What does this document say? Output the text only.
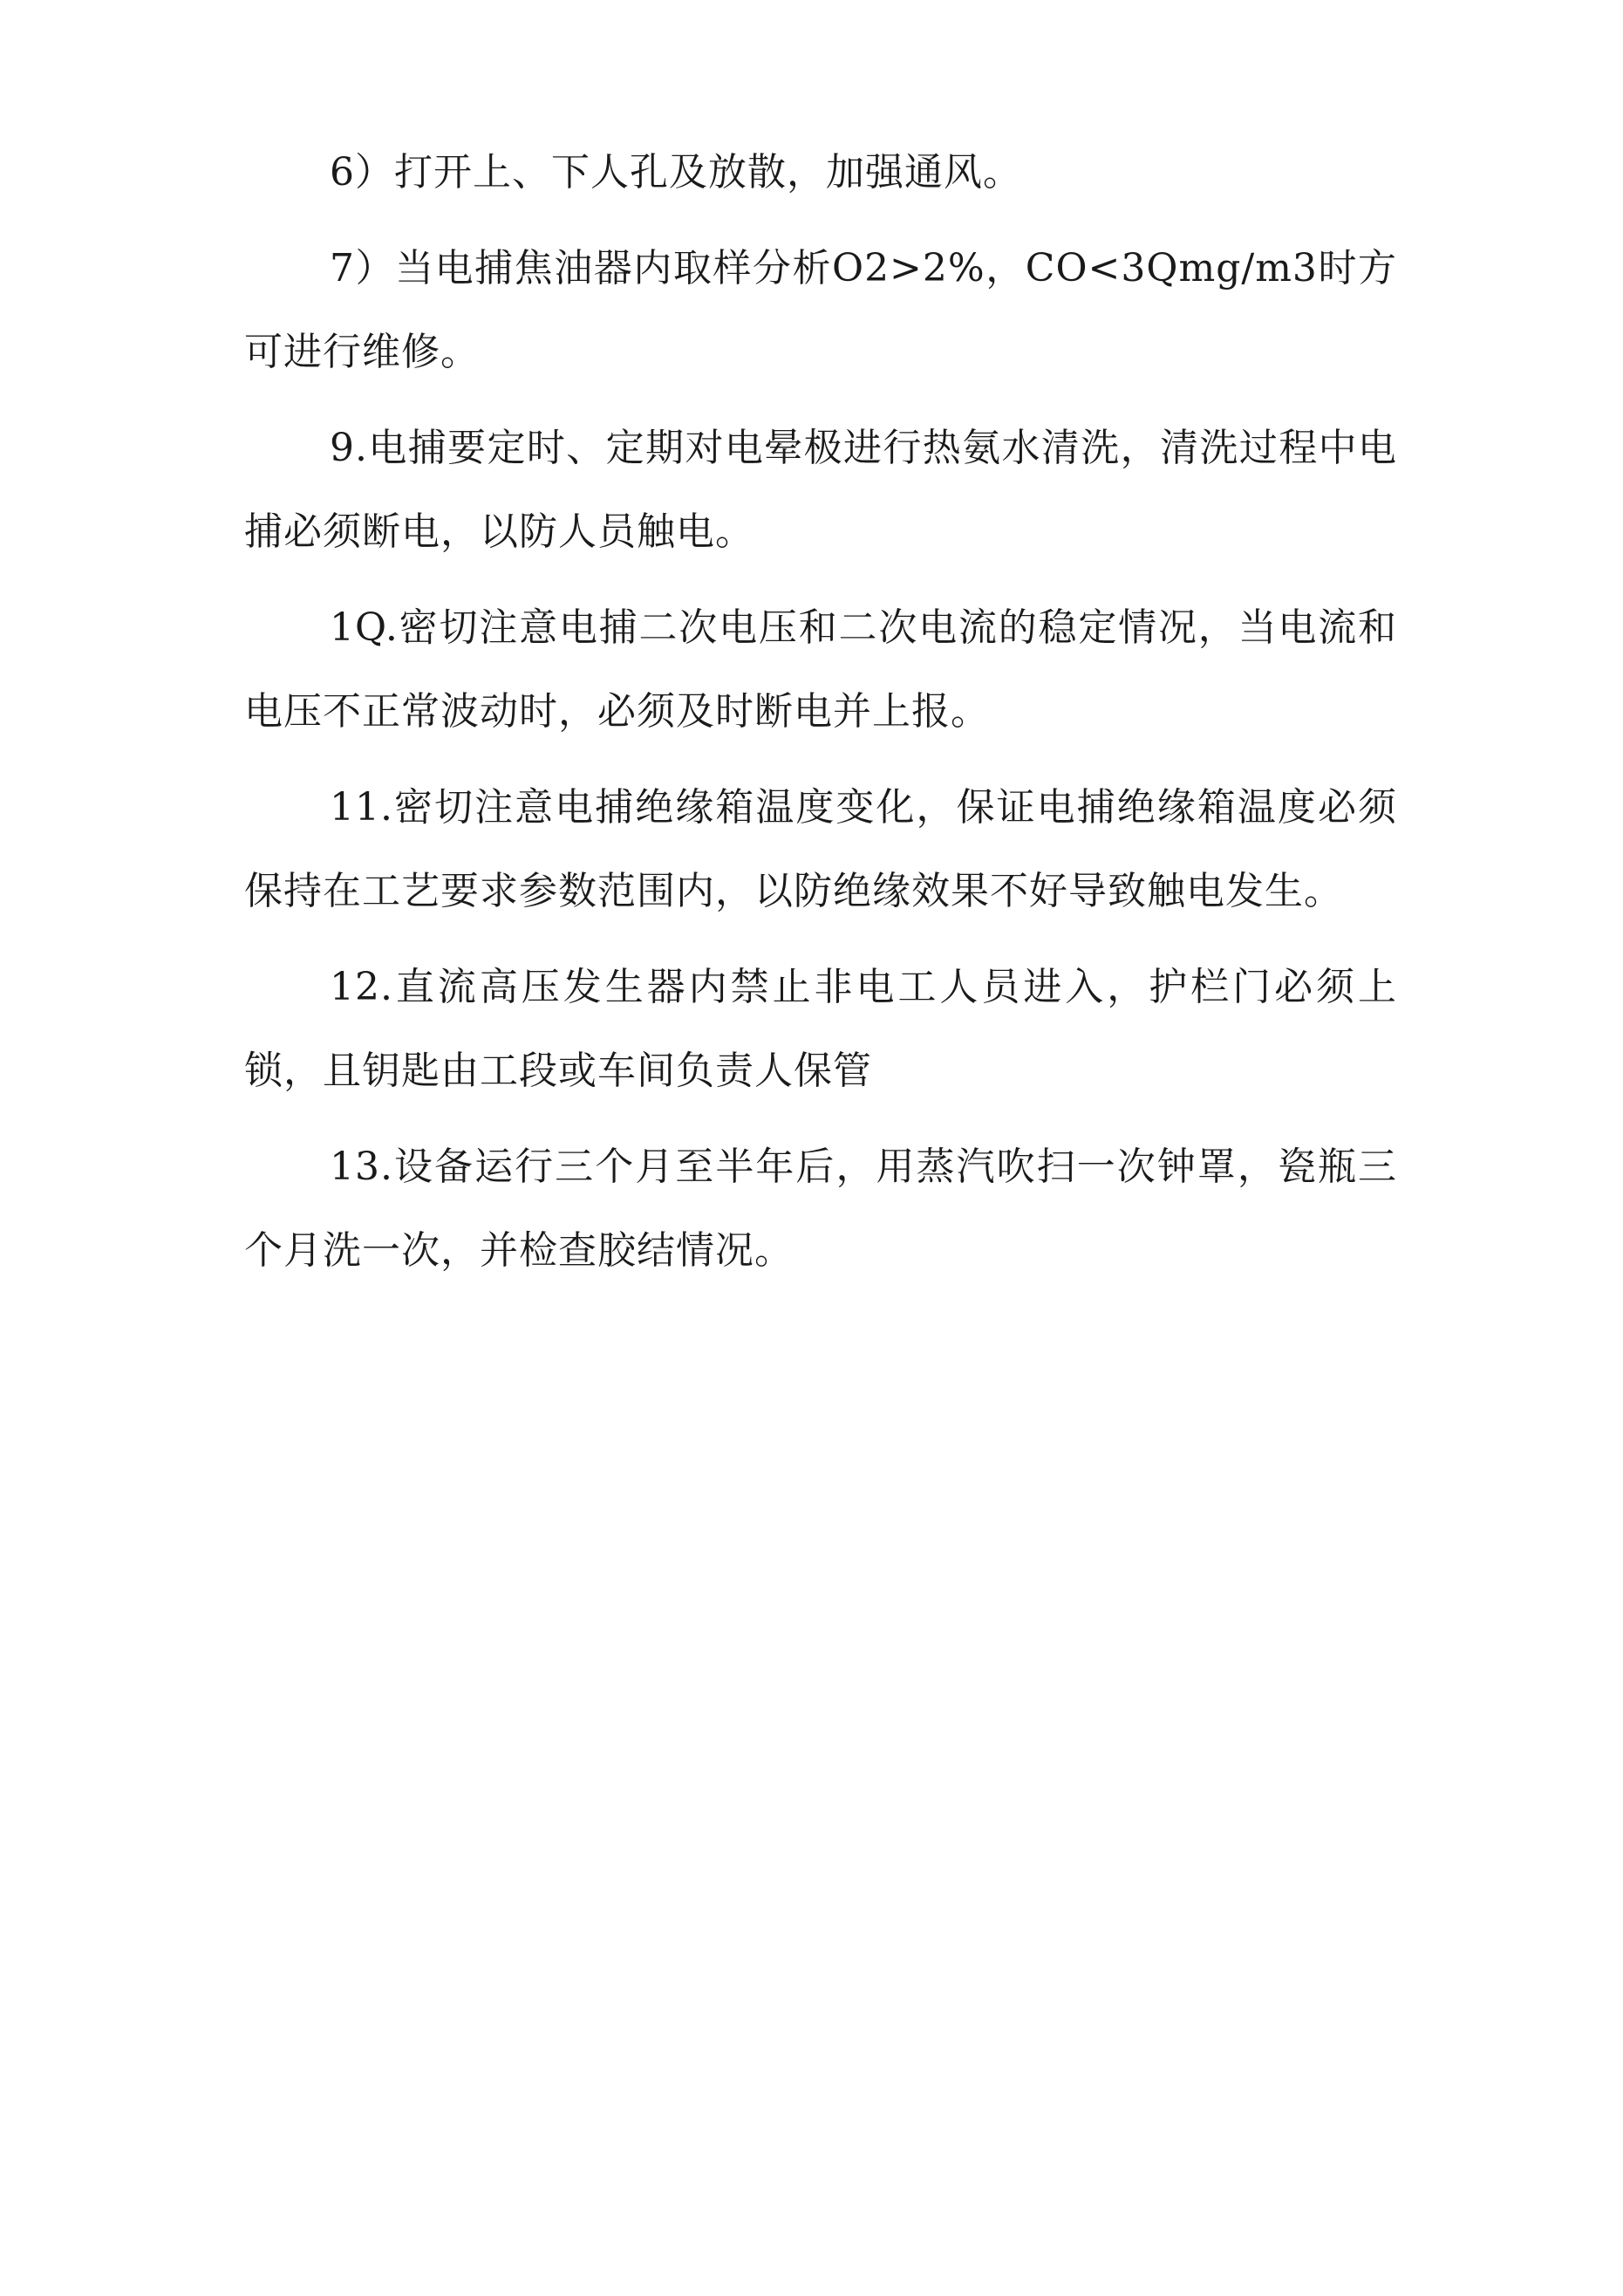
6）打开上、下人孔及放散，加强通风。

7）当电捕焦油器内取样分析O2>2%，CO<3Qmg/m3时方可进行维修。

9.电捕要定时、定期对电晕极进行热氨水清洗，清洗过程中电捕必须断电，以防人员触电。

1Q.密切注意电捕二次电压和二次电流的稳定情况，当电流和电压不正常波动时，必须及时断电并上报。

11.密切注意电捕绝缘箱温度变化，保证电捕绝缘箱温度必须保持在工艺要求参数范围内，以防绝缘效果不好导致触电发生。

12.直流高压发生器内禁止非电工人员进入，护栏门必须上锁，且钥匙由工段或车间负责人保管

13.设备运行三个月至半年后，用蒸汽吹扫一次钟罩，瓷瓶三个月洗一次，并检查胶结情况。
